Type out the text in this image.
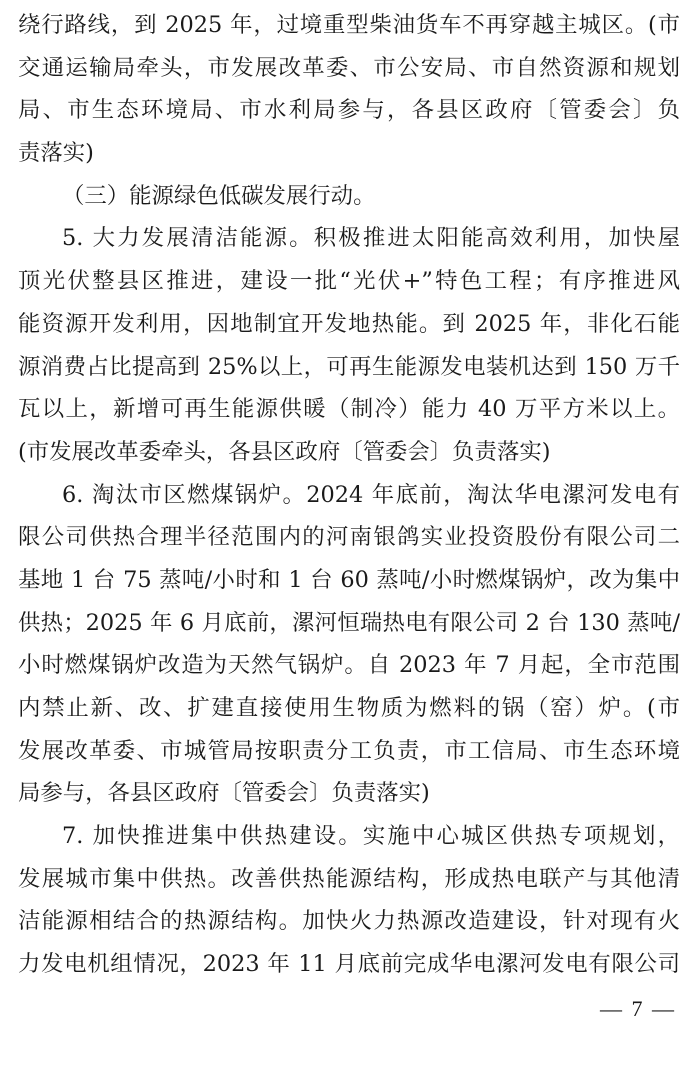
绕行路线，到 2025 年，过境重型柴油货车不再穿越主城区。(市
交通运输局牵头，市发展改革委、市公安局、市自然资源和规划
局、市生态环境局、市水利局参与，各县区政府〔管委会〕负
责落实)
（三）能源绿色低碳发展行动。
5. 大力发展清洁能源。积极推进太阳能高效利用，加快屋
顶光伏整县区推进，建设一批“光伏+”特色工程；有序推进风
能资源开发利用，因地制宜开发地热能。到 2025 年，非化石能
源消费占比提高到 25%以上，可再生能源发电装机达到 150 万千
瓦以上，新增可再生能源供暖（制冷）能力 40 万平方米以上。
(市发展改革委牵头，各县区政府〔管委会〕负责落实)
6. 淘汰市区燃煤锅炉。2024 年底前，淘汰华电漯河发电有
限公司供热合理半径范围内的河南银鸽实业投资股份有限公司二
基地 1 台 75 蒸吨/小时和 1 台 60 蒸吨/小时燃煤锅炉，改为集中
供热；2025 年 6 月底前，漯河恒瑞热电有限公司 2 台 130 蒸吨/
小时燃煤锅炉改造为天然气锅炉。自 2023 年 7 月起，全市范围
内禁止新、改、扩建直接使用生物质为燃料的锅（窑）炉。(市
发展改革委、市城管局按职责分工负责，市工信局、市生态环境
局参与，各县区政府〔管委会〕负责落实)
7. 加快推进集中供热建设。实施中心城区供热专项规划，
发展城市集中供热。改善供热能源结构，形成热电联产与其他清
洁能源相结合的热源结构。加快火力热源改造建设，针对现有火
力发电机组情况，2023 年 11 月底前完成华电漯河发电有限公司
— 7 —
